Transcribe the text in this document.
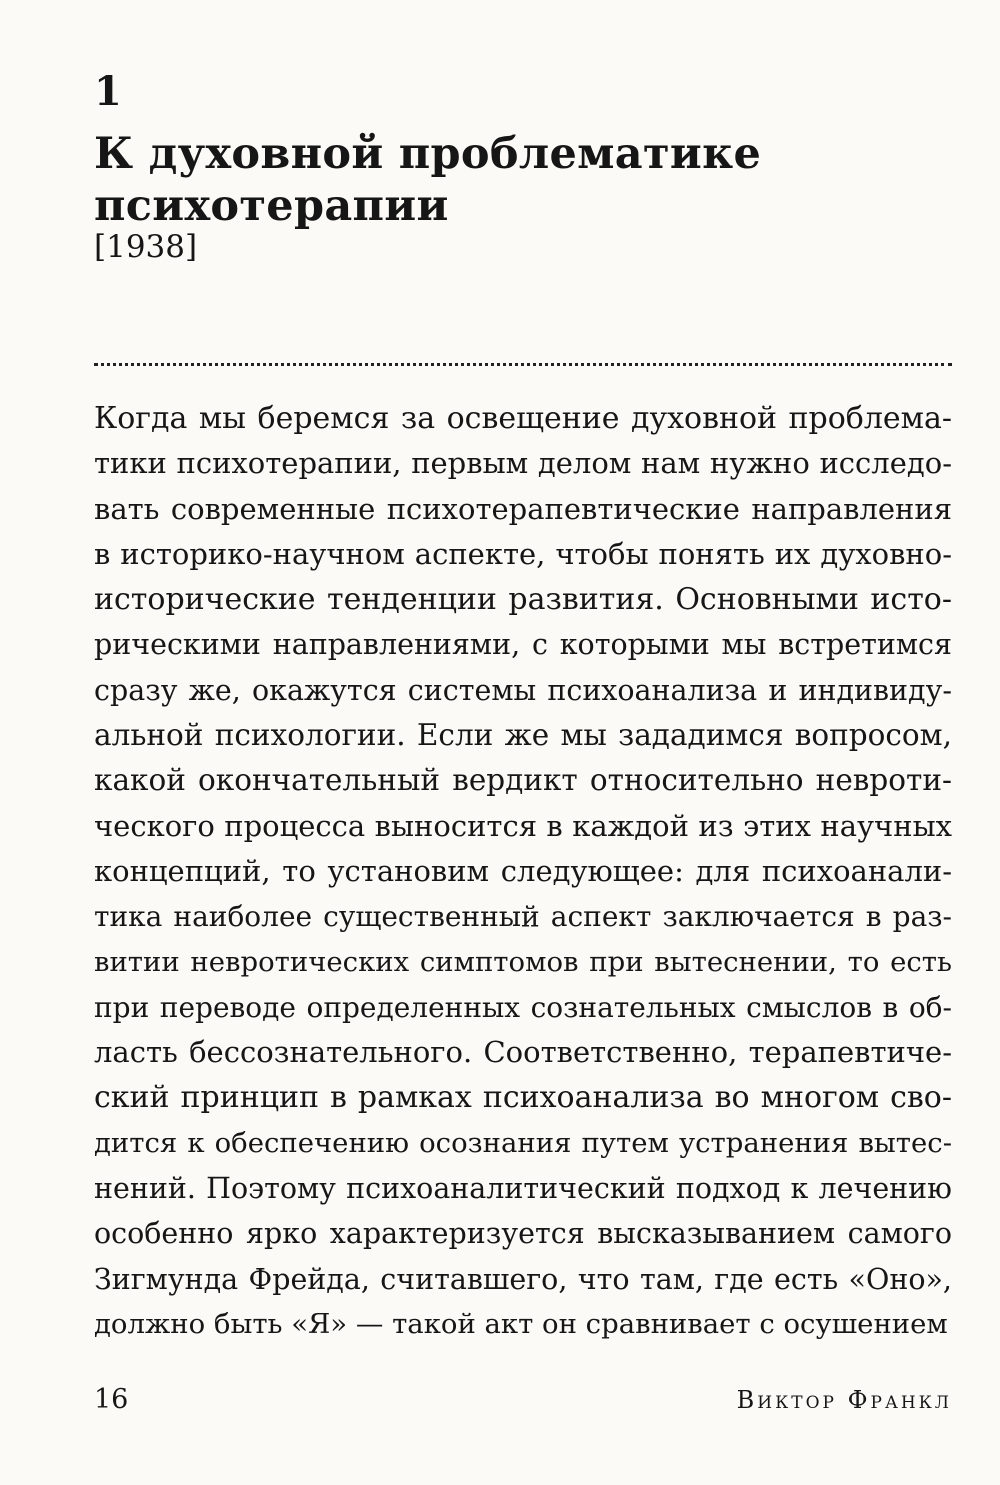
1
К духовной проблематике
психотерапии
[1938]
Когда мы беремся за освещение духовной проблема-
тики психотерапии, первым делом нам нужно исследо-
вать современные психотерапевтические направления
в историко-научном аспекте, чтобы понять их духовно-
исторические тенденции развития. Основными исто-
рическими направлениями, с которыми мы встретимся
сразу же, окажутся системы психоанализа и индивиду-
альной психологии. Если же мы зададимся вопросом,
какой окончательный вердикт относительно невроти-
ческого процесса выносится в каждой из этих научных
концепций, то установим следующее: для психоанали-
тика наиболее существенный аспект заключается в раз-
витии невротических симптомов при вытеснении, то есть
при переводе определенных сознательных смыслов в об-
ласть бессознательного. Соответственно, терапевтиче-
ский принцип в рамках психоанализа во многом сво-
дится к обеспечению осознания путем устранения вытес-
нений. Поэтому психоаналитический подход к лечению
особенно ярко характеризуется высказыванием самого
Зигмунда Фрейда, считавшего, что там, где есть «Оно»,
должно быть «Я» — такой акт он сравнивает с осушением
16	Виктор Франкл
